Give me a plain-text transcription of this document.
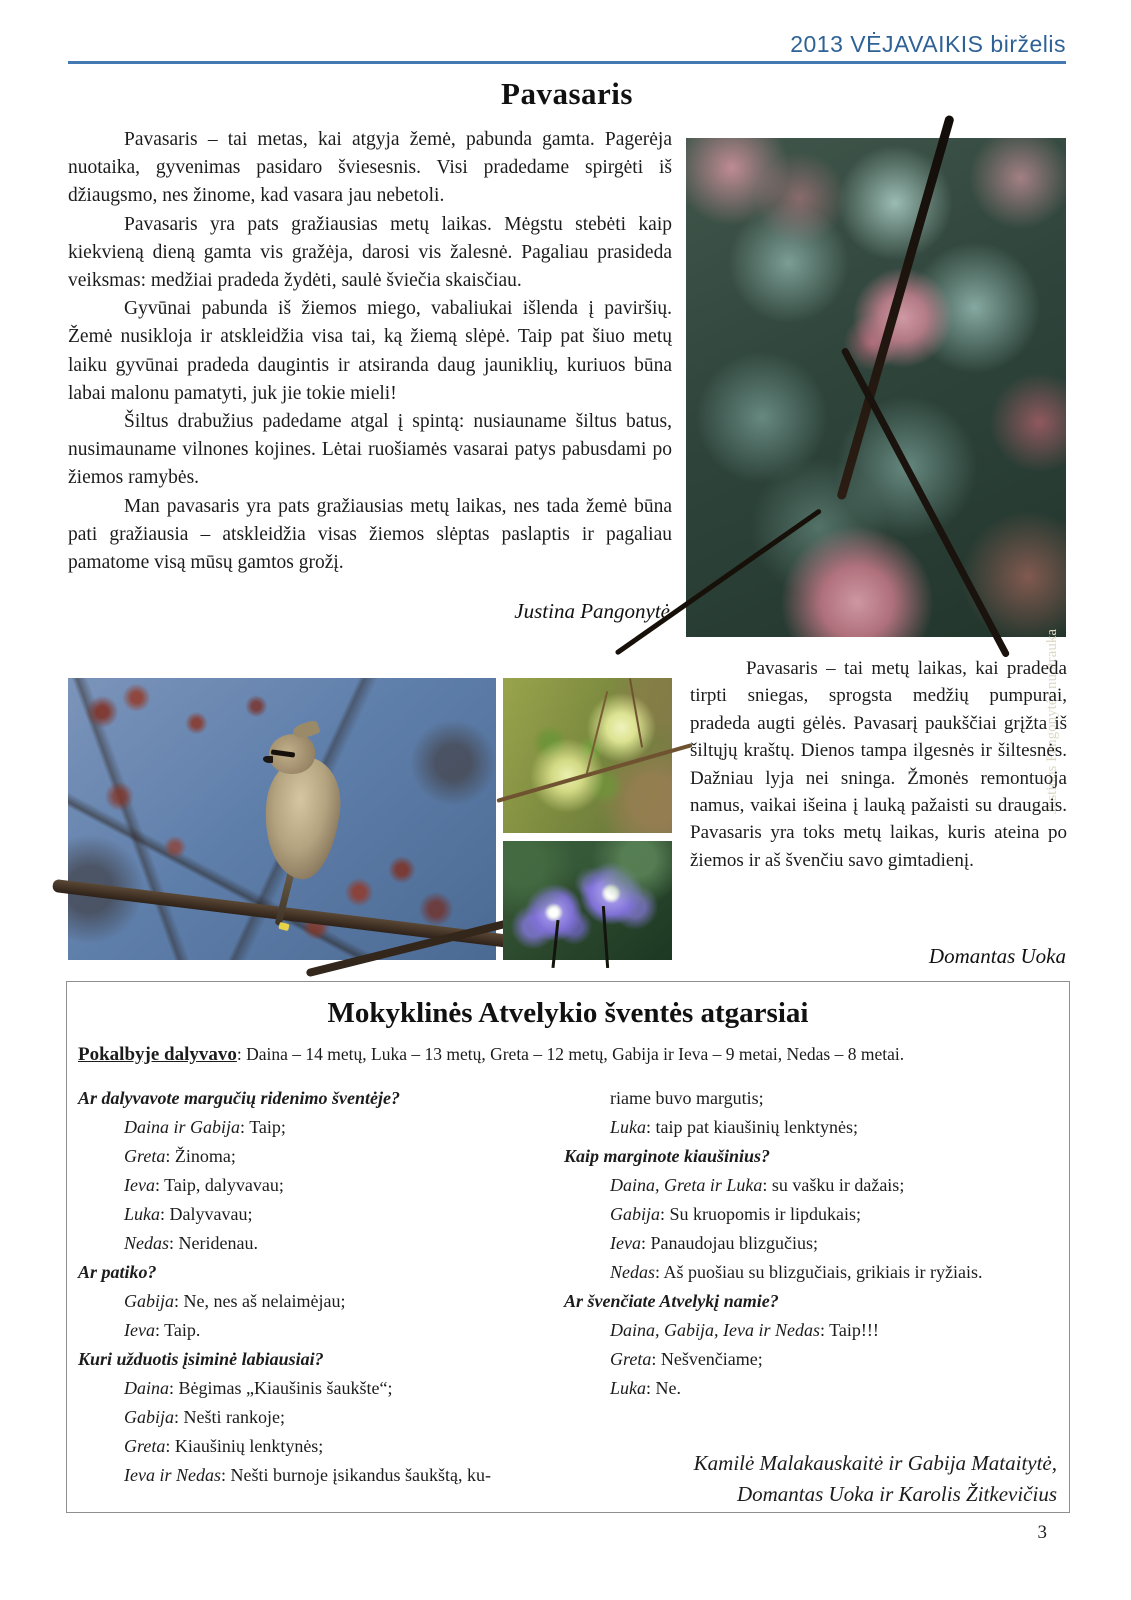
2013 VĖJAVAIKIS birželis
Pavasaris
Justinos Pangonytės nuotrauka

Pavasaris – tai metas, kai atgyja žemė, pabunda gamta. Pagerėja nuotaika, gyvenimas pasidaro šviesesnis. Visi pradedame spirgėti iš džiaugsmo, nes žinome, kad vasara jau nebetoli.

Pavasaris yra pats gražiausias metų laikas. Mėgstu stebėti kaip kiekvieną dieną gamta vis gražėja, darosi vis žalesnė. Pagaliau prasideda veiksmas: medžiai pradeda žydėti, saulė šviečia skaisčiau.

Gyvūnai pabunda iš žiemos miego, vabaliukai išlenda į paviršių. Žemė nusikloja ir atskleidžia visa tai, ką žiemą slėpė. Taip pat šiuo metų laiku gyvūnai pradeda daugintis ir atsiranda daug jauniklių, kuriuos būna labai malonu pamatyti, juk jie tokie mieli!

Šiltus drabužius padedame atgal į spintą: nusiauname šiltus batus, nusimauname vilnones kojines. Lėtai ruošiamės vasarai patys pabusdami po žiemos ramybės.

Man pavasaris yra pats gražiausias metų laikas, nes tada žemė būna pati gražiausia – atskleidžia visas žiemos slėptas paslaptis ir pagaliau pamatome visą mūsų gamtos grožį.

Justina Pangonytė

Pavasaris – tai metų laikas, kai pradeda tirpti sniegas, sprogsta medžių pumpurai, pradeda augti gėlės. Pavasarį paukščiai grįžta iš šiltųjų kraštų. Dienos tampa ilgesnės ir šiltesnės. Dažniau lyja nei sninga. Žmonės remontuoja namus, vaikai išeina į lauką pažaisti su draugais. Pavasaris yra toks metų laikas, kuris ateina po žiemos ir aš švenčiu savo gimtadienį.

Domantas Uoka
Mokyklinės Atvelykio šventės atgarsiai
Pokalbyje dalyvavo: Daina – 14 metų, Luka – 13 metų, Greta – 12 metų, Gabija ir Ieva – 9 metai, Nedas – 8 metai.
Ar dalyvavote margučių ridenimo šventėje?
Daina ir Gabija: Taip;
Greta: Žinoma;
Ieva: Taip, dalyvavau;
Luka: Dalyvavau;
Nedas: Neridenau.
Ar patiko?
Gabija: Ne, nes aš nelaimėjau;
Ieva: Taip.
Kuri užduotis įsiminė labiausiai?
Daina: Bėgimas „Kiaušinis šaukšte“;
Gabija: Nešti rankoje;
Greta: Kiaušinių lenktynės;
Ieva ir Nedas: Nešti burnoje įsikandus šaukštą, ku-
riame buvo margutis;
Luka: taip pat kiaušinių lenktynės;
Kaip marginote kiaušinius?
Daina, Greta ir Luka: su vašku ir dažais;
Gabija: Su kruopomis ir lipdukais;
Ieva: Panaudojau blizgučius;
Nedas: Aš puošiau su blizgučiais, grikiais ir ryžiais.
Ar švenčiate Atvelykį namie?
Daina, Gabija, Ieva ir Nedas: Taip!!!
Greta: Nešvenčiame;
Luka: Ne.
Kamilė Malakauskaitė ir Gabija Mataitytė,
Domantas Uoka ir Karolis Žitkevičius
3
